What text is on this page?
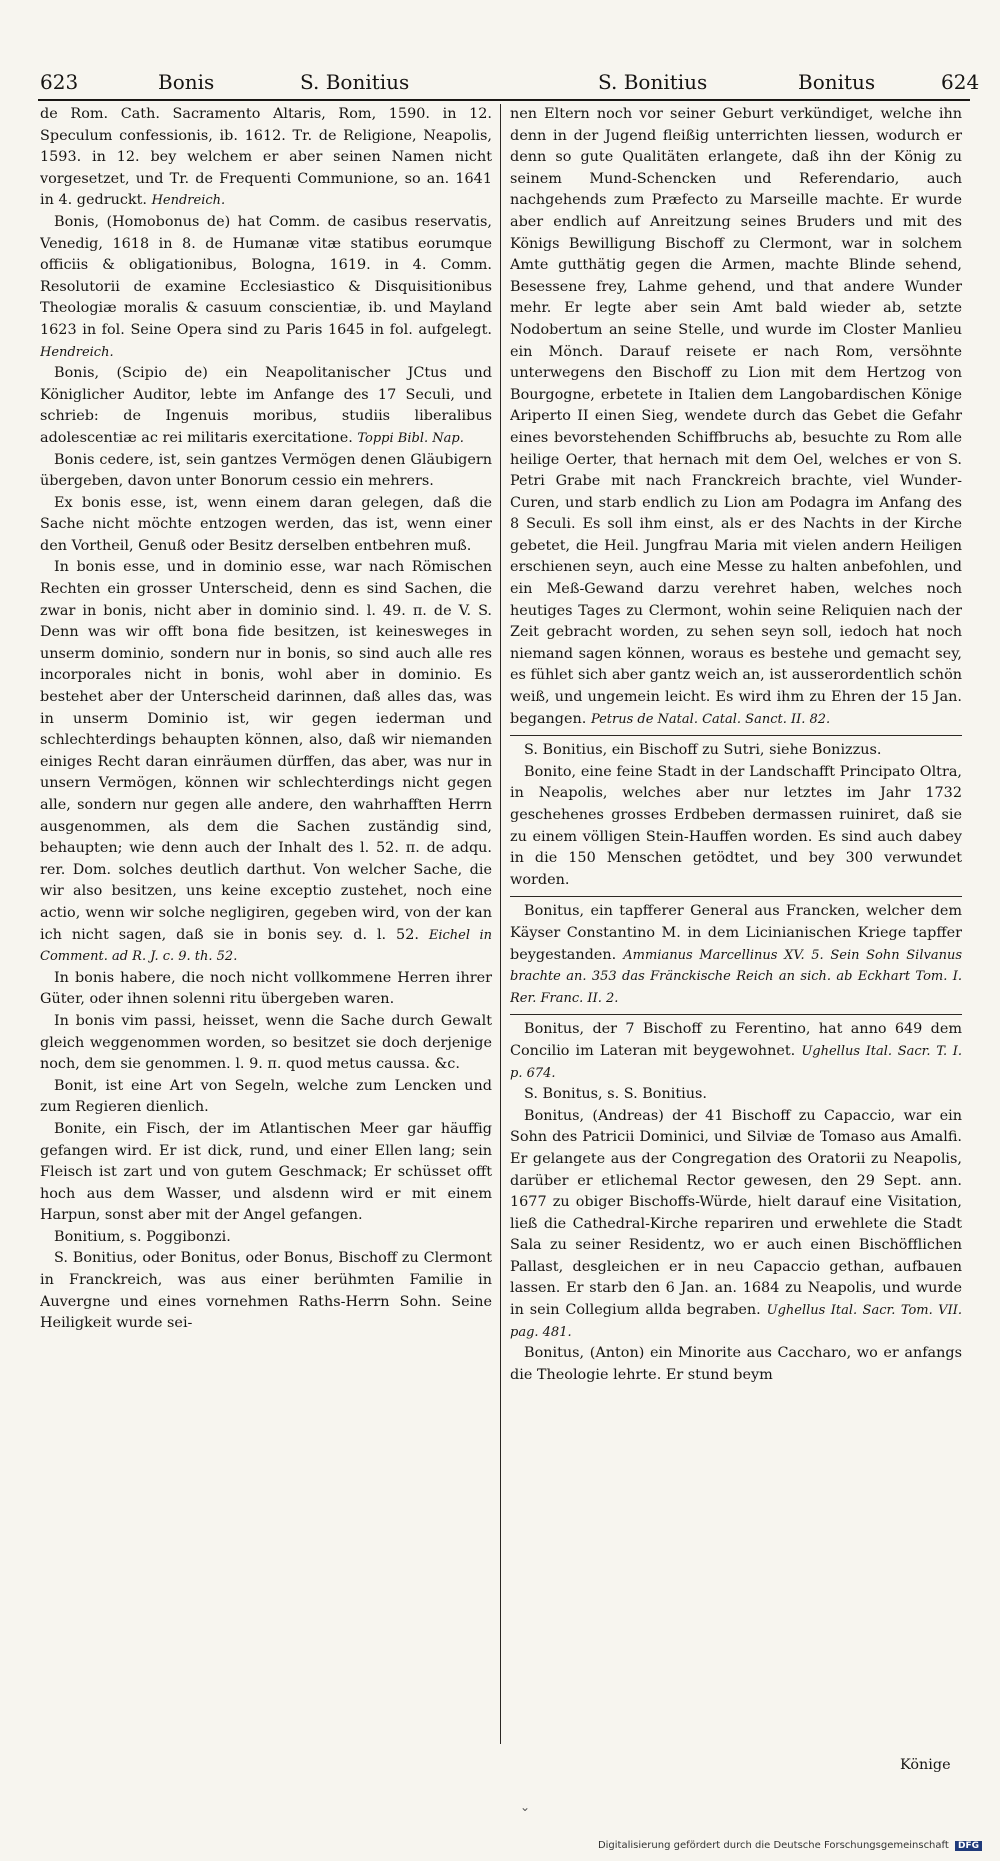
623	Bonis	S. Bonitius	S. Bonitius	Bonitus	624

de Rom. Cath. Sacramento Altaris, Rom, 1590. in 12. Speculum confessionis, ib. 1612. Tr. de Religione, Neapolis, 1593. in 12. bey welchem er aber seinen Namen nicht vorgesetzet, und Tr. de Frequenti Communione, so an. 1641 in 4. gedruckt. Hendreich.

Bonis, (Homobonus de) hat Comm. de casibus reservatis, Venedig, 1618 in 8. de Humanæ vitæ statibus eorumque officiis & obligationibus, Bologna, 1619. in 4. Comm. Resolutorii de examine Ecclesiastico & Disquisitionibus Theologiæ moralis & casuum conscientiæ, ib. und Mayland 1623 in fol. Seine Opera sind zu Paris 1645 in fol. aufgelegt. Hendreich.

Bonis, (Scipio de) ein Neapolitanischer JCtus und Königlicher Auditor, lebte im Anfange des 17 Seculi, und schrieb: de Ingenuis moribus, studiis liberalibus adolescentiæ ac rei militaris exercitatione. Toppi Bibl. Nap.

Bonis cedere, ist, sein gantzes Vermögen denen Gläubigern übergeben, davon unter Bonorum cessio ein mehrers.

Ex bonis esse, ist, wenn einem daran gelegen, daß die Sache nicht möchte entzogen werden, das ist, wenn einer den Vortheil, Genuß oder Besitz derselben entbehren muß.

In bonis esse, und in dominio esse, war nach Römischen Rechten ein grosser Unterscheid, denn es sind Sachen, die zwar in bonis, nicht aber in dominio sind. l. 49. π. de V. S. Denn was wir offt bona fide besitzen, ist keinesweges in unserm dominio, sondern nur in bonis, so sind auch alle res incorporales nicht in bonis, wohl aber in dominio. Es bestehet aber der Unterscheid darinnen, daß alles das, was in unserm Dominio ist, wir gegen iederman und schlechterdings behaupten können, also, daß wir niemanden einiges Recht daran einräumen dürffen, das aber, was nur in unsern Vermögen, können wir schlechterdings nicht gegen alle, sondern nur gegen alle andere, den wahrhafften Herrn ausgenommen, als dem die Sachen zuständig sind, behaupten; wie denn auch der Inhalt des l. 52. π. de adqu. rer. Dom. solches deutlich darthut. Von welcher Sache, die wir also besitzen, uns keine exceptio zustehet, noch eine actio, wenn wir solche negligiren, gegeben wird, von der kan ich nicht sagen, daß sie in bonis sey. d. l. 52. Eichel in Comment. ad R. J. c. 9. th. 52.

In bonis habere, die noch nicht vollkommene Herren ihrer Güter, oder ihnen solenni ritu übergeben waren.

In bonis vim passi, heisset, wenn die Sache durch Gewalt gleich weggenommen worden, so besitzet sie doch derjenige noch, dem sie genommen. l. 9. π. quod metus caussa. &c.

Bonit, ist eine Art von Segeln, welche zum Lencken und zum Regieren dienlich.

Bonite, ein Fisch, der im Atlantischen Meer gar häuffig gefangen wird. Er ist dick, rund, und einer Ellen lang; sein Fleisch ist zart und von gutem Geschmack; Er schüsset offt hoch aus dem Wasser, und alsdenn wird er mit einem Harpun, sonst aber mit der Angel gefangen.

Bonitium, s. Poggibonzi.

S. Bonitius, oder Bonitus, oder Bonus, Bischoff zu Clermont in Franckreich, was aus einer berühmten Familie in Auvergne und eines vornehmen Raths-Herrn Sohn. Seine Heiligkeit wurde sei-

nen Eltern noch vor seiner Geburt verkündiget, welche ihn denn in der Jugend fleißig unterrichten liessen, wodurch er denn so gute Qualitäten erlangete, daß ihn der König zu seinem Mund-Schencken und Referendario, auch nachgehends zum Præfecto zu Marseille machte. Er wurde aber endlich auf Anreitzung seines Bruders und mit des Königs Bewilligung Bischoff zu Clermont, war in solchem Amte gutthätig gegen die Armen, machte Blinde sehend, Besessene frey, Lahme gehend, und that andere Wunder mehr. Er legte aber sein Amt bald wieder ab, setzte Nodobertum an seine Stelle, und wurde im Closter Manlieu ein Mönch. Darauf reisete er nach Rom, versöhnte unterwegens den Bischoff zu Lion mit dem Hertzog von Bourgogne, erbetete in Italien dem Langobardischen Könige Ariperto II einen Sieg, wendete durch das Gebet die Gefahr eines bevorstehenden Schiffbruchs ab, besuchte zu Rom alle heilige Oerter, that hernach mit dem Oel, welches er von S. Petri Grabe mit nach Franckreich brachte, viel Wunder-Curen, und starb endlich zu Lion am Podagra im Anfang des 8 Seculi. Es soll ihm einst, als er des Nachts in der Kirche gebetet, die Heil. Jungfrau Maria mit vielen andern Heiligen erschienen seyn, auch eine Messe zu halten anbefohlen, und ein Meß-Gewand darzu verehret haben, welches noch heutiges Tages zu Clermont, wohin seine Reliquien nach der Zeit gebracht worden, zu sehen seyn soll, iedoch hat noch niemand sagen können, woraus es bestehe und gemacht sey, es fühlet sich aber gantz weich an, ist ausserordentlich schön weiß, und ungemein leicht. Es wird ihm zu Ehren der 15 Jan. begangen. Petrus de Natal. Catal. Sanct. II. 82.

S. Bonitius, ein Bischoff zu Sutri, siehe Bonizzus.

Bonito, eine feine Stadt in der Landschafft Principato Oltra, in Neapolis, welches aber nur letztes im Jahr 1732 geschehenes grosses Erdbeben dermassen ruiniret, daß sie zu einem völligen Stein-Hauffen worden. Es sind auch dabey in die 150 Menschen getödtet, und bey 300 verwundet worden.

Bonitus, ein tapfferer General aus Francken, welcher dem Käyser Constantino M. in dem Licinianischen Kriege tapffer beygestanden. Ammianus Marcellinus XV. 5. Sein Sohn Silvanus brachte an. 353 das Fränckische Reich an sich. ab Eckhart Tom. I. Rer. Franc. II. 2.

Bonitus, der 7 Bischoff zu Ferentino, hat anno 649 dem Concilio im Lateran mit beygewohnet. Ughellus Ital. Sacr. T. I. p. 674.

S. Bonitus, s. S. Bonitius.

Bonitus, (Andreas) der 41 Bischoff zu Capaccio, war ein Sohn des Patricii Dominici, und Silviæ de Tomaso aus Amalfi. Er gelangete aus der Congregation des Oratorii zu Neapolis, darüber er etlichemal Rector gewesen, den 29 Sept. ann. 1677 zu obiger Bischoffs-Würde, hielt darauf eine Visitation, ließ die Cathedral-Kirche repariren und erwehlete die Stadt Sala zu seiner Residentz, wo er auch einen Bischöfflichen Pallast, desgleichen er in neu Capaccio gethan, aufbauen lassen. Er starb den 6 Jan. an. 1684 zu Neapolis, und wurde in sein Collegium allda begraben. Ughellus Ital. Sacr. Tom. VII. pag. 481.

Bonitus, (Anton) ein Minorite aus Caccharo, wo er anfangs die Theologie lehrte. Er stund beym

Könige
⌄
Digitalisierung gefördert durch die Deutsche Forschungsgemeinschaft DFG
